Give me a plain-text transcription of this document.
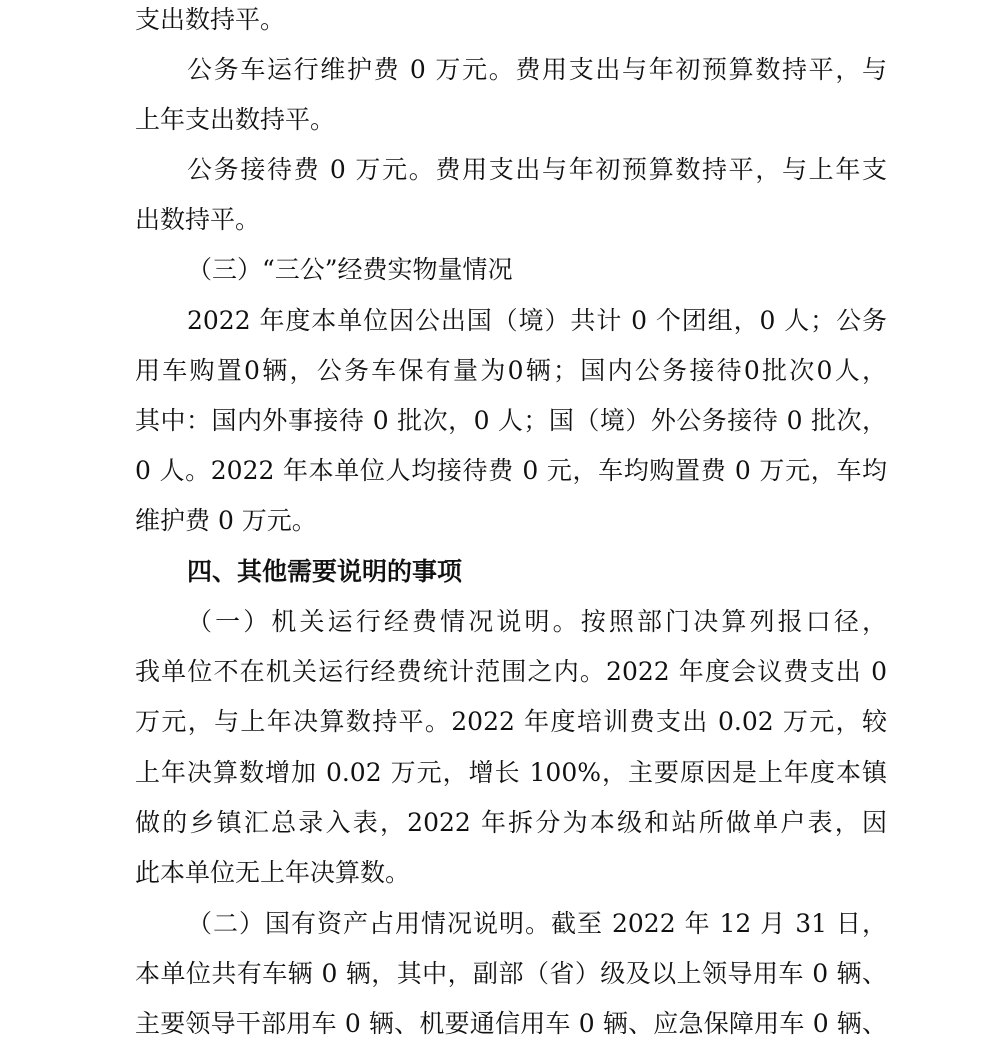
支出数持平。
公务车运行维护费 0 万元。费用支出与年初预算数持平，与
上年支出数持平。
公务接待费 0 万元。费用支出与年初预算数持平，与上年支
出数持平。
（三）“三公”经费实物量情况
2022 年度本单位因公出国（境）共计 0 个团组，0 人；公务
用车购置0辆，公务车保有量为0辆；国内公务接待0批次0人，
其中：国内外事接待 0 批次，0 人；国（境）外公务接待 0 批次，
0 人。2022 年本单位人均接待费 0 元，车均购置费 0 万元，车均
维护费 0 万元。
四、其他需要说明的事项
（一）机关运行经费情况说明。按照部门决算列报口径，
我单位不在机关运行经费统计范围之内。2022 年度会议费支出 0
万元，与上年决算数持平。2022 年度培训费支出 0.02 万元，较
上年决算数增加 0.02 万元，增长 100%，主要原因是上年度本镇
做的乡镇汇总录入表，2022 年拆分为本级和站所做单户表，因
此本单位无上年决算数。
（二）国有资产占用情况说明。截至 2022 年 12 月 31 日，
本单位共有车辆 0 辆，其中，副部（省）级及以上领导用车 0 辆、
主要领导干部用车 0 辆、机要通信用车 0 辆、应急保障用车 0 辆、
